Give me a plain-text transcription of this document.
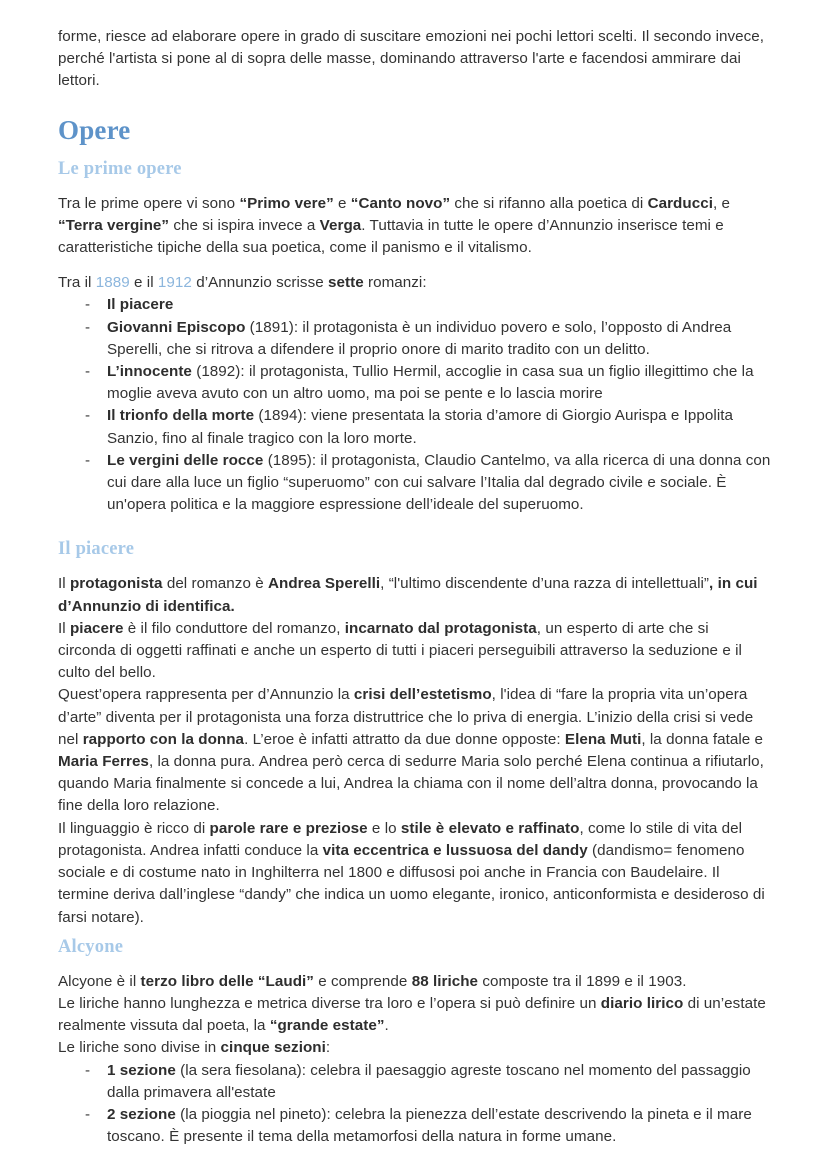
forme, riesce ad elaborare opere in grado di suscitare emozioni nei pochi lettori scelti. Il secondo invece, perché l'artista si pone al di sopra delle masse, dominando attraverso l'arte e facendosi ammirare dai lettori.

Opere
Le prime opere

Tra le prime opere vi sono “Primo vere” e “Canto novo” che si rifanno alla poetica di Carducci, e “Terra vergine” che si ispira invece a Verga. Tuttavia in tutte le opere d’Annunzio inserisce temi e caratteristiche tipiche della sua poetica, come il panismo e il vitalismo.

Tra il 1889 e il 1912 d’Annunzio scrisse sette romanzi:

- Il piacere
- Giovanni Episcopo (1891): il protagonista è un individuo povero e solo, l’opposto di Andrea Sperelli, che si ritrova a difendere il proprio onore di marito tradito con un delitto.
- L’innocente (1892): il protagonista, Tullio Hermil, accoglie in casa sua un figlio illegittimo che la moglie aveva avuto con un altro uomo, ma poi se pente e lo lascia morire
- Il trionfo della morte (1894): viene presentata la storia d’amore di Giorgio Aurispa e Ippolita Sanzio, fino al finale tragico con la loro morte.
- Le vergini delle rocce (1895): il protagonista, Claudio Cantelmo, va alla ricerca di una donna con cui dare alla luce un figlio “superuomo” con cui salvare l’Italia dal degrado civile e sociale. È un'opera politica e la maggiore espressione dell’ideale del superuomo.
Il piacere

Il protagonista del romanzo è Andrea Sperelli, “l'ultimo discendente d’una razza di intellettuali”, in cui d’Annunzio di identifica.

Il piacere è il filo conduttore del romanzo, incarnato dal protagonista, un esperto di arte che si circonda di oggetti raffinati e anche un esperto di tutti i piaceri perseguibili attraverso la seduzione e il culto del bello.

Quest’opera rappresenta per d’Annunzio la crisi dell’estetismo, l'idea di “fare la propria vita un’opera d’arte” diventa per il protagonista una forza distruttrice che lo priva di energia. L’inizio della crisi si vede nel rapporto con la donna. L’eroe è infatti attratto da due donne opposte: Elena Muti, la donna fatale e Maria Ferres, la donna pura. Andrea però cerca di sedurre Maria solo perché Elena continua a rifiutarlo, quando Maria finalmente si concede a lui, Andrea la chiama con il nome dell’altra donna, provocando la fine della loro relazione.

Il linguaggio è ricco di parole rare e preziose e lo stile è elevato e raffinato, come lo stile di vita del protagonista. Andrea infatti conduce la vita eccentrica e lussuosa del dandy (dandismo= fenomeno sociale e di costume nato in Inghilterra nel 1800 e diffusosi poi anche in Francia con Baudelaire. Il termine deriva dall’inglese “dandy” che indica un uomo elegante, ironico, anticonformista e desideroso di farsi notare).

Alcyone

Alcyone è il terzo libro delle “Laudi” e comprende 88 liriche composte tra il 1899 e il 1903.

Le liriche hanno lunghezza e metrica diverse tra loro e l’opera si può definire un diario lirico di un’estate realmente vissuta dal poeta, la “grande estate”.

Le liriche sono divise in cinque sezioni:

- 1 sezione (la sera fiesolana): celebra il paesaggio agreste toscano nel momento del passaggio dalla primavera all'estate
- 2 sezione (la pioggia nel pineto): celebra la pienezza dell’estate descrivendo la pineta e il mare toscano. È presente il tema della metamorfosi della natura in forme umane.
